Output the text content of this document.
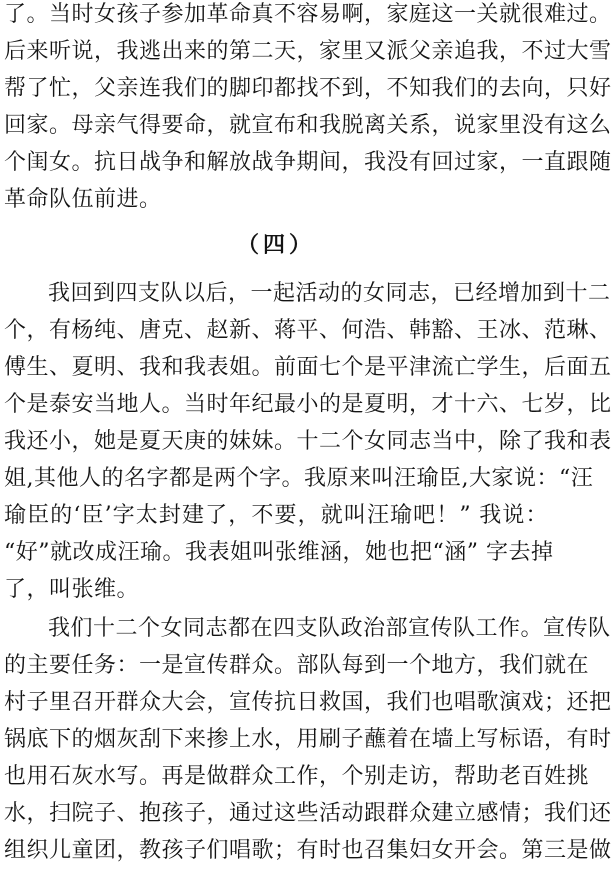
了。当时女孩子参加革命真不容易啊，家庭这一关就很难过。
后来听说，我逃出来的第二天，家里又派父亲追我，不过大雪
帮了忙，父亲连我们的脚印都找不到，不知我们的去向，只好
回家。母亲气得要命，就宣布和我脱离关系，说家里没有这么
个闺女。抗日战争和解放战争期间，我没有回过家，一直跟随
革命队伍前进。
（四）
我回到四支队以后，一起活动的女同志，已经增加到十二
个，有杨纯、唐克、赵新、蒋平、何浩、韩豁、王冰、范琳、
傅生、夏明、我和我表姐。前面七个是平津流亡学生，后面五
个是泰安当地人。当时年纪最小的是夏明，才十六、七岁，比
我还小，她是夏天庚的妹妹。十二个女同志当中，除了我和表
姐,其他人的名字都是两个字。我原来叫汪瑜臣,大家说：“汪
瑜臣的‘臣’字太封建了，不要，就叫汪瑜吧！” 我说：
“好”就改成汪瑜。我表姐叫张维涵，她也把“涵” 字去掉
了，叫张维。
我们十二个女同志都在四支队政治部宣传队工作。宣传队
的主要任务：一是宣传群众。部队每到一个地方，我们就在
村子里召开群众大会，宣传抗日救国，我们也唱歌演戏；还把
锅底下的烟灰刮下来掺上水，用刷子蘸着在墙上写标语，有时
也用石灰水写。再是做群众工作，个别走访，帮助老百姓挑
水，扫院子、抱孩子，通过这些活动跟群众建立感情；我们还
组织儿童团，教孩子们唱歌；有时也召集妇女开会。第三是做
